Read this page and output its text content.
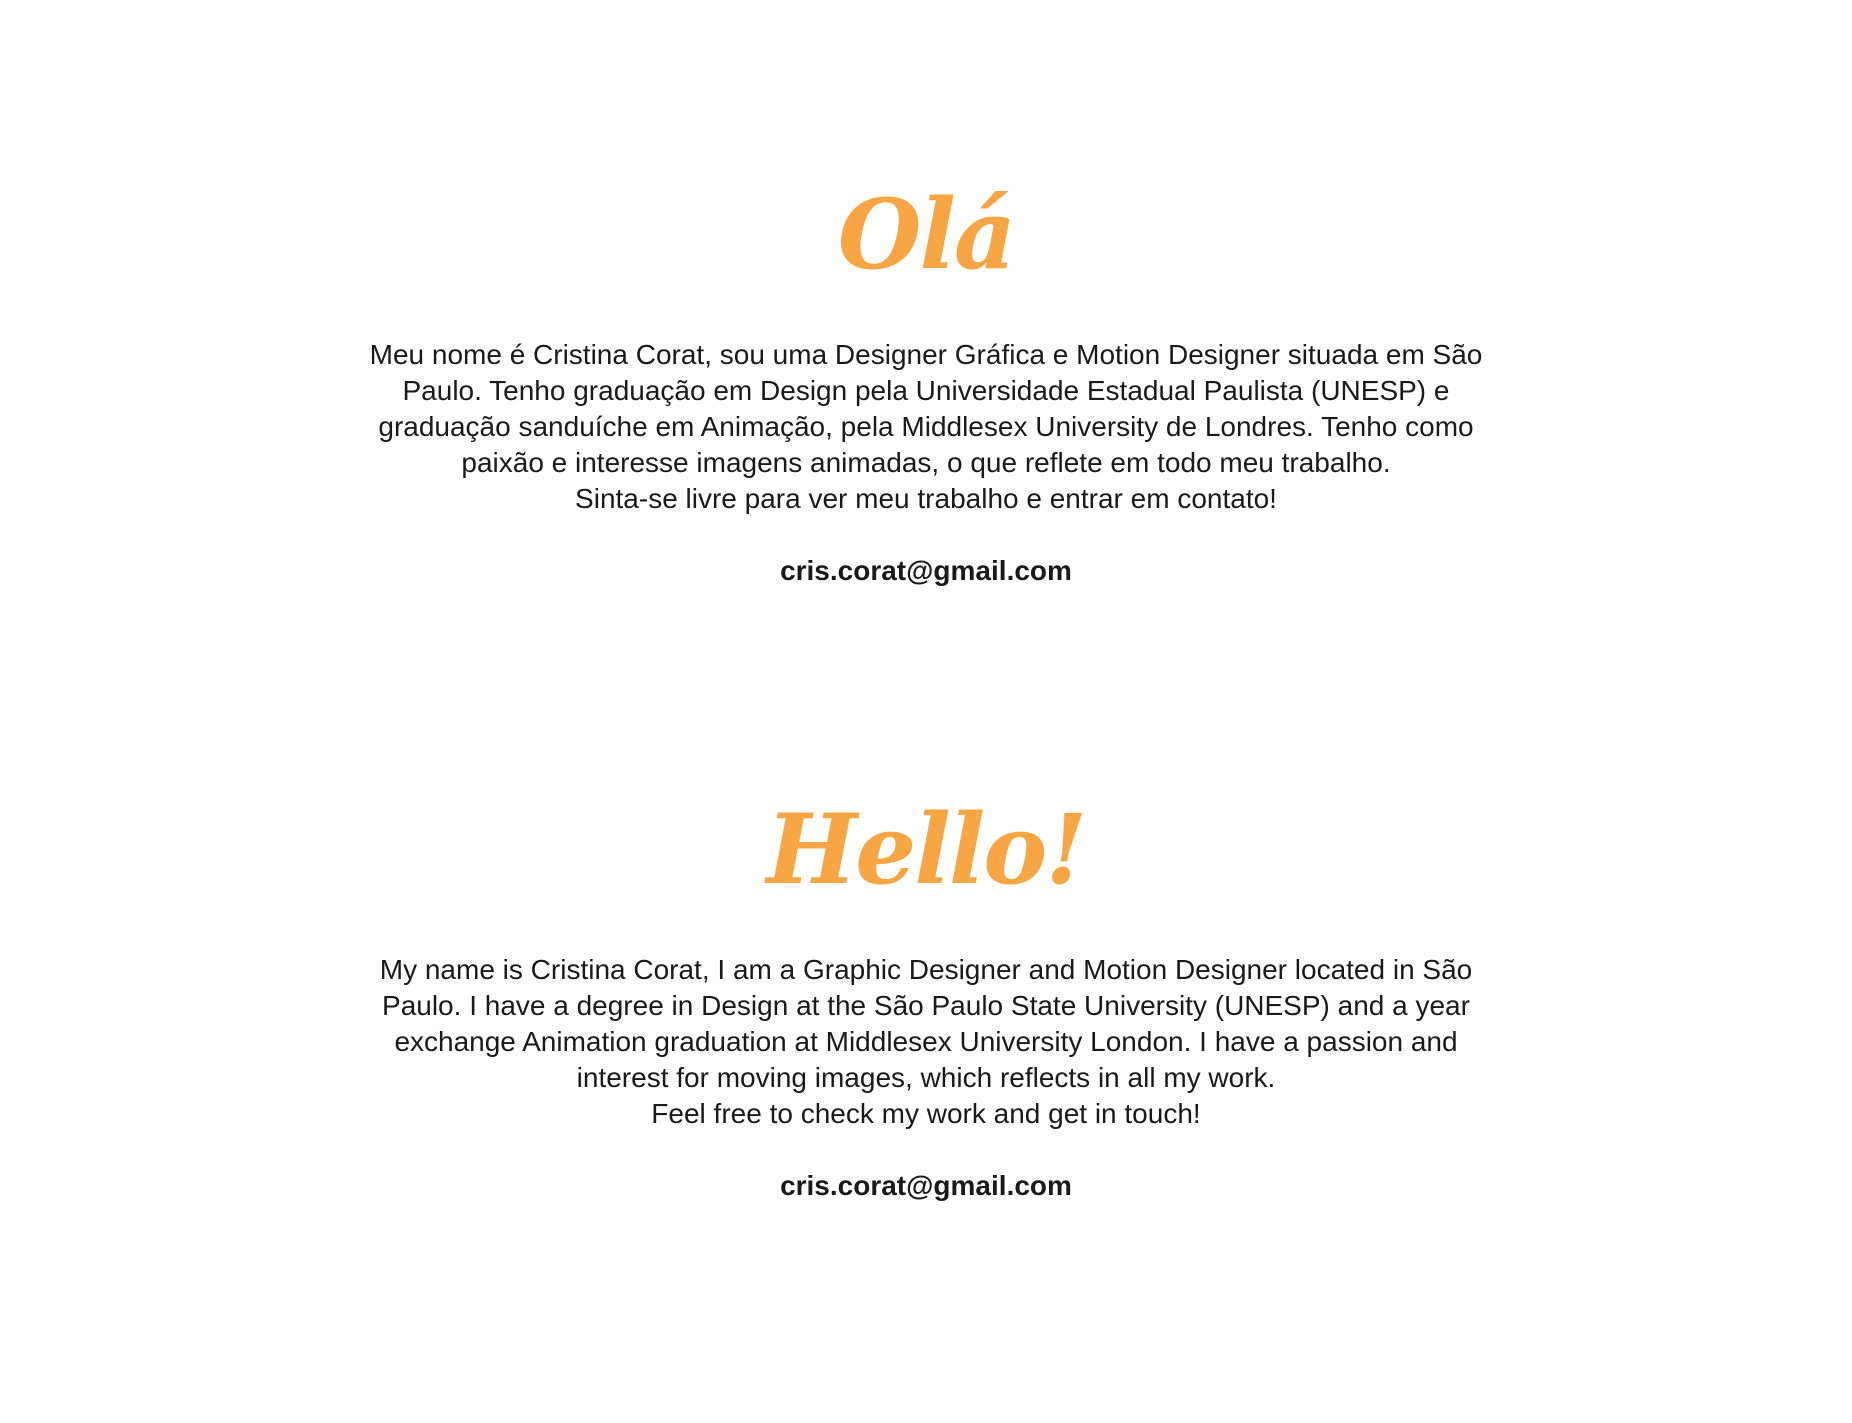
Olá

Meu nome é Cristina Corat, sou uma Designer Gráfica e Motion Designer situada em São
Paulo. Tenho graduação em Design pela Universidade Estadual Paulista (UNESP) e
graduação sanduíche em Animação, pela Middlesex University de Londres. Tenho como
paixão e interesse imagens animadas, o que reflete em todo meu trabalho.
Sinta-se livre para ver meu trabalho e entrar em contato!

cris.corat@gmail.com
Hello!

My name is Cristina Corat, I am a Graphic Designer and Motion Designer located in São
Paulo. I have a degree in Design at the São Paulo State University (UNESP) and a year
exchange Animation graduation at Middlesex University London. I have a passion and
interest for moving images, which reflects in all my work.
Feel free to check my work and get in touch!

cris.corat@gmail.com
